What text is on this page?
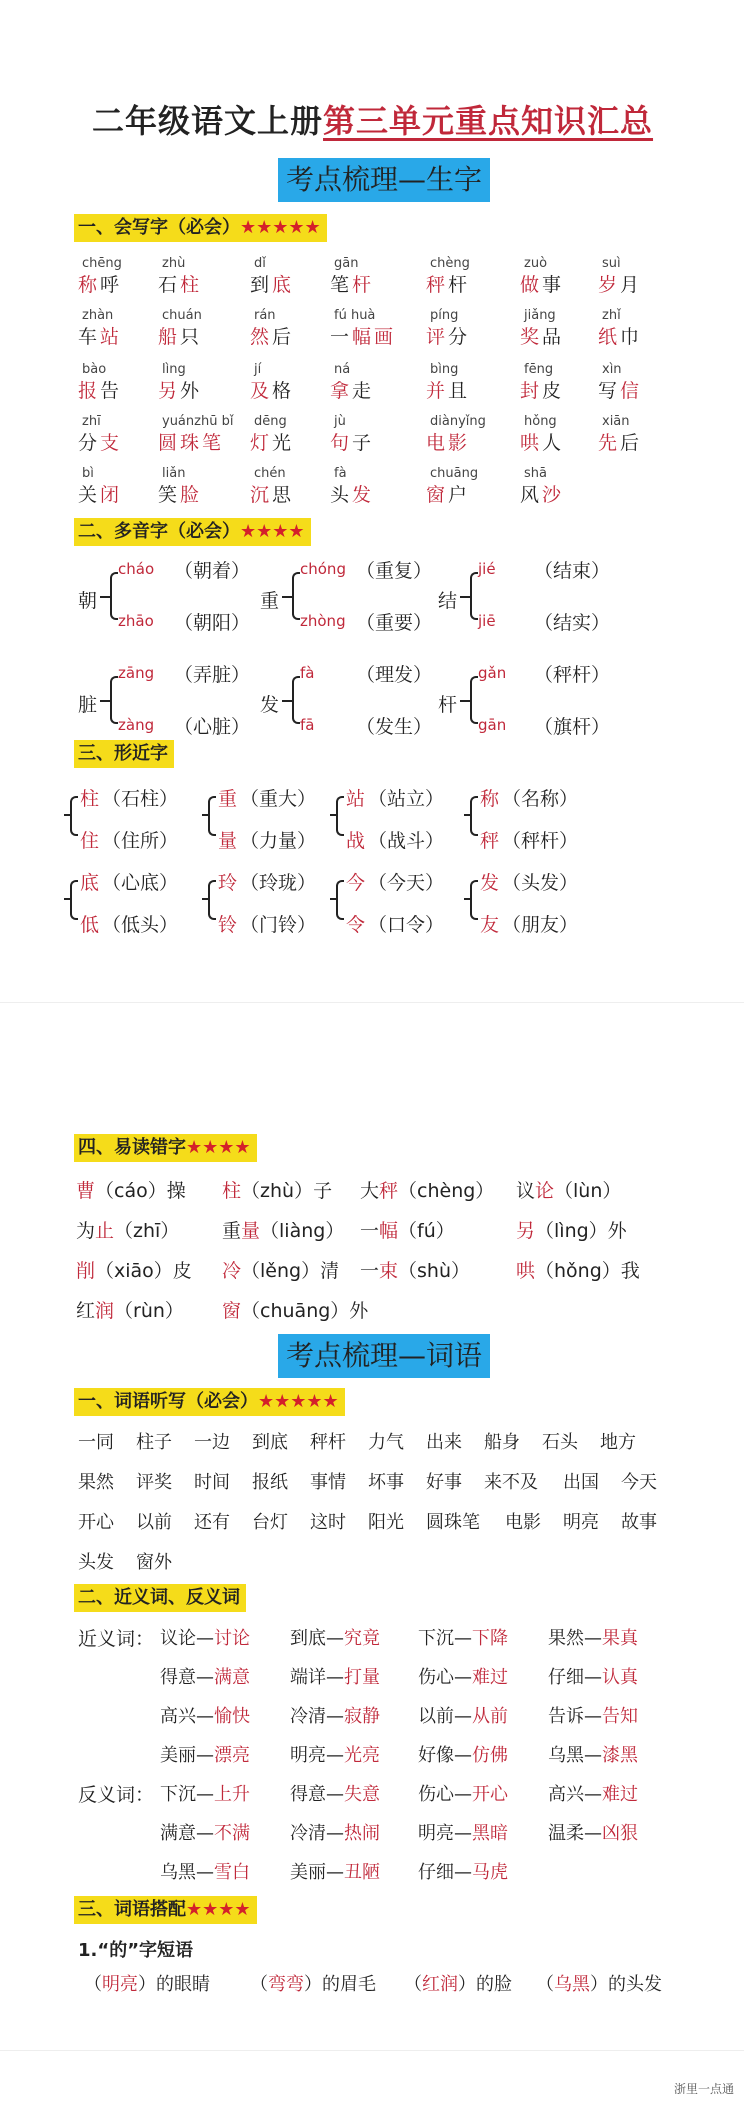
chēng
称 呼
zhù
石 柱
dǐ
到 底
gān
笔 杆
chèng
秤 杆
zuò
做 事
suì
岁 月
zhàn
车 站
chuán
船 只
rán
然 后
fú huà
一 幅 画
píng
评 分
jiǎng
奖 品
zhǐ
纸 巾
bào
报 告
lìng
另 外
jí
及 格
ná
拿 走
bìng
并 且
fēng
封 皮
xìn
写 信
zhī
分 支
yuánzhū bǐ
圆 珠 笔
dēng
灯 光
jù
句 子
diànyǐng
电 影
hǒng
哄 人
xiān
先 后
bì
关 闭
liǎn
笑 脸
chén
沉 思
fà
头 发
chuāng
窗 户
shā
风 沙
朝
cháo （朝着）
zhāo （朝阳）
重
chóng （重复）
zhòng （重要）
结
jié （结束）
jiē （结实）
脏
zāng （弄脏）
zàng （心脏）
发
fà （理发）
fā （发生）
杆
gǎn （秤杆）
gān （旗杆）
柱 （石柱）
住 （住所）
重 （重大）
量 （力量）
站 （站立）
战 （战斗）
称 （名称）
秤 （秤杆）
底 （心底）
低 （低头）
玲 （玲珑）
铃 （门铃）
今 （今天）
令 （口令）
发 （头发）
友 （朋友）
曹（cáo）操 柱（zhù）子 大秤（chèng） 议论（lùn）
为止（zhī） 重量（liàng） 一幅（fú）	另（lìng）外
削（xiāo）皮 冷（lěng）清 一束（shù） 哄（hǒng）我
红润（rùn） 窗（chuāng）外
一同 柱子 一边 到底 秤杆 力气 出来 船身 石头 地方
果然 评奖 时间 报纸 事情 坏事 好事 来不及 出国 今天
开心 以前 还有 台灯 这时 阳光 圆珠笔 电影 明亮 故事
头发 窗外
议论—讨论 到底—究竟 下沉—下降 果然—果真
得意—满意 端详—打量 伤心—难过 仔细—认真
高兴—愉快 冷清—寂静 以前—从前 告诉—告知
美丽—漂亮 明亮—光亮 好像—仿佛 乌黑—漆黑
下沉—上升 得意—失意 伤心—开心 高兴—难过
满意—不满 冷清—热闹 明亮—黑暗 温柔—凶狠
乌黑—雪白 美丽—丑陋 仔细—马虎
（明亮）的眼睛 （弯弯）的眉毛 （红润）的脸 （乌黑）的头发
二年级语文上册第三单元重点知识汇总
考点梳理—生字
一、会写字（必会）★★★★★
二、多音字（必会）★★★★
三、形近字
四、易读错字★★★★
考点梳理—词语
一、词语听写（必会）★★★★★
二、近义词、反义词
近义词：
反义词：
三、词语搭配★★★★
1.“的”字短语
浙里一点通
